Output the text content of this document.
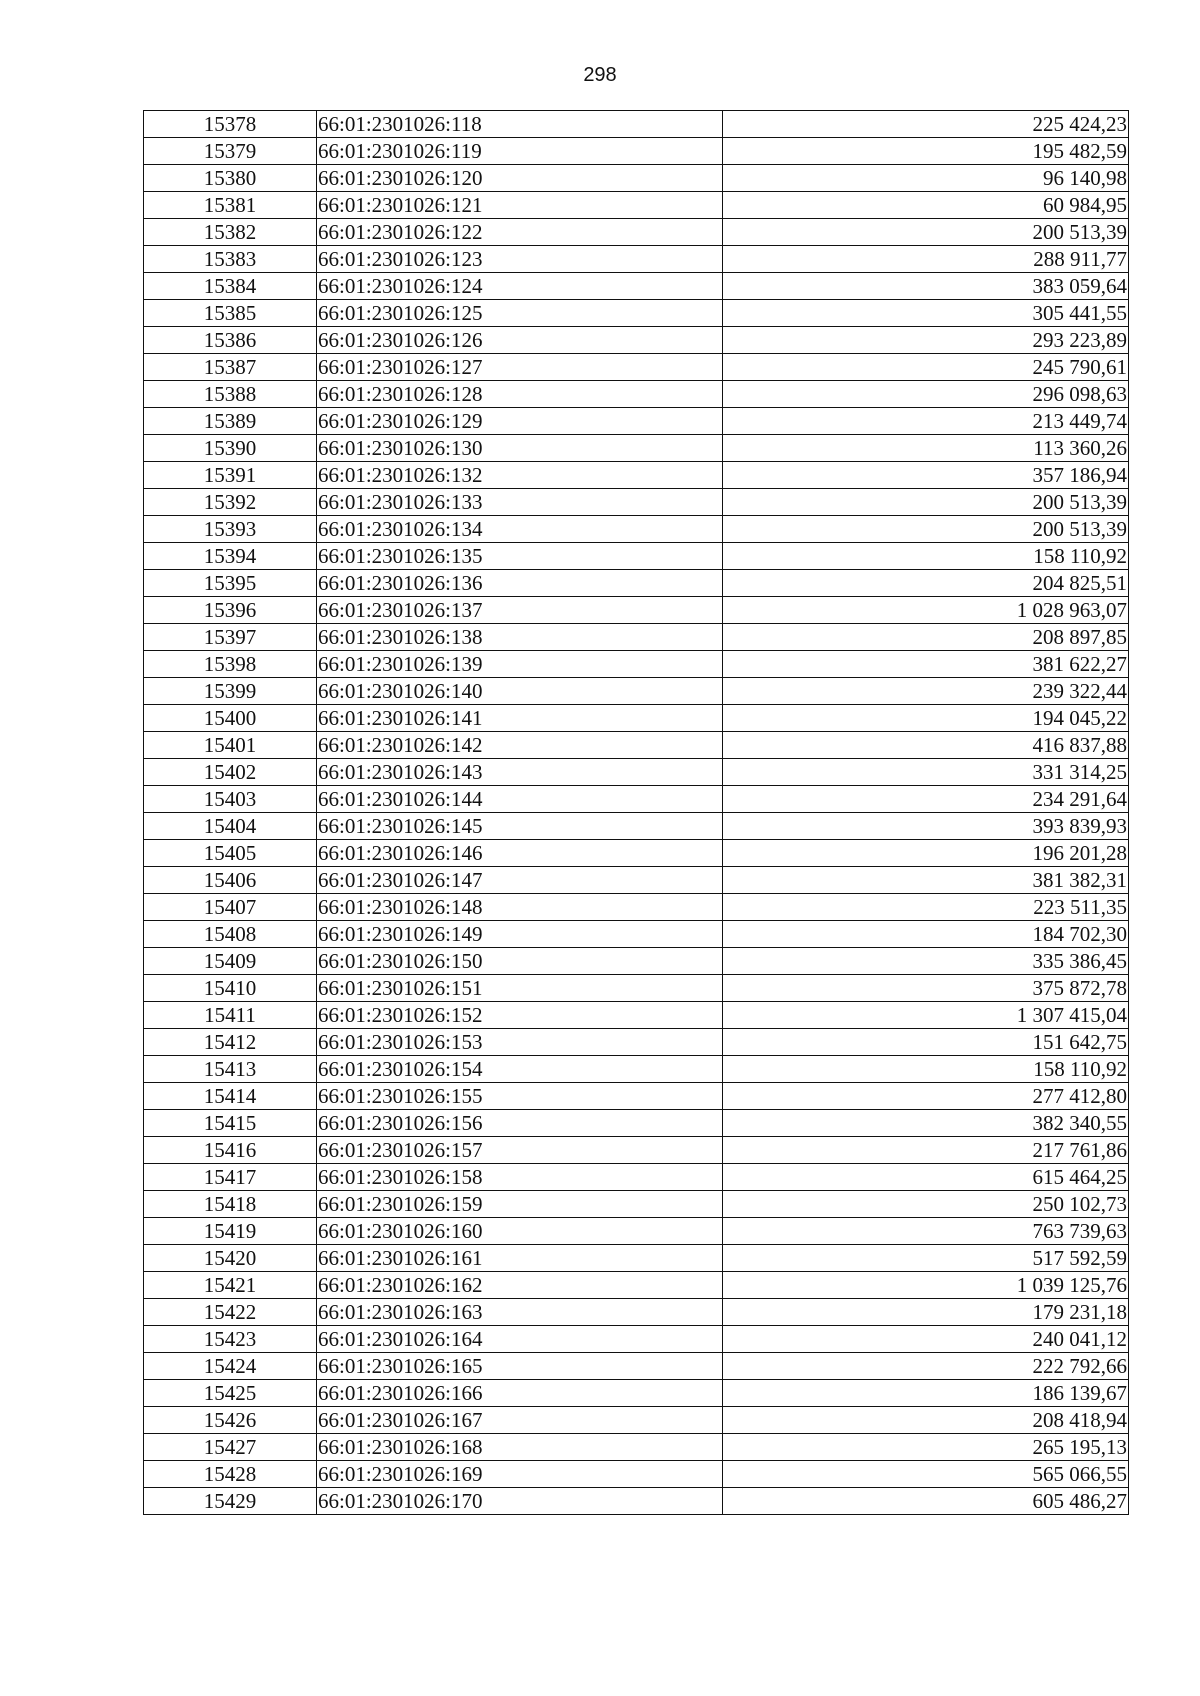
298
15378	66:01:2301026:118	225 424,23
15379	66:01:2301026:119	195 482,59
15380	66:01:2301026:120	96 140,98
15381	66:01:2301026:121	60 984,95
15382	66:01:2301026:122	200 513,39
15383	66:01:2301026:123	288 911,77
15384	66:01:2301026:124	383 059,64
15385	66:01:2301026:125	305 441,55
15386	66:01:2301026:126	293 223,89
15387	66:01:2301026:127	245 790,61
15388	66:01:2301026:128	296 098,63
15389	66:01:2301026:129	213 449,74
15390	66:01:2301026:130	113 360,26
15391	66:01:2301026:132	357 186,94
15392	66:01:2301026:133	200 513,39
15393	66:01:2301026:134	200 513,39
15394	66:01:2301026:135	158 110,92
15395	66:01:2301026:136	204 825,51
15396	66:01:2301026:137	1 028 963,07
15397	66:01:2301026:138	208 897,85
15398	66:01:2301026:139	381 622,27
15399	66:01:2301026:140	239 322,44
15400	66:01:2301026:141	194 045,22
15401	66:01:2301026:142	416 837,88
15402	66:01:2301026:143	331 314,25
15403	66:01:2301026:144	234 291,64
15404	66:01:2301026:145	393 839,93
15405	66:01:2301026:146	196 201,28
15406	66:01:2301026:147	381 382,31
15407	66:01:2301026:148	223 511,35
15408	66:01:2301026:149	184 702,30
15409	66:01:2301026:150	335 386,45
15410	66:01:2301026:151	375 872,78
15411	66:01:2301026:152	1 307 415,04
15412	66:01:2301026:153	151 642,75
15413	66:01:2301026:154	158 110,92
15414	66:01:2301026:155	277 412,80
15415	66:01:2301026:156	382 340,55
15416	66:01:2301026:157	217 761,86
15417	66:01:2301026:158	615 464,25
15418	66:01:2301026:159	250 102,73
15419	66:01:2301026:160	763 739,63
15420	66:01:2301026:161	517 592,59
15421	66:01:2301026:162	1 039 125,76
15422	66:01:2301026:163	179 231,18
15423	66:01:2301026:164	240 041,12
15424	66:01:2301026:165	222 792,66
15425	66:01:2301026:166	186 139,67
15426	66:01:2301026:167	208 418,94
15427	66:01:2301026:168	265 195,13
15428	66:01:2301026:169	565 066,55
15429	66:01:2301026:170	605 486,27
